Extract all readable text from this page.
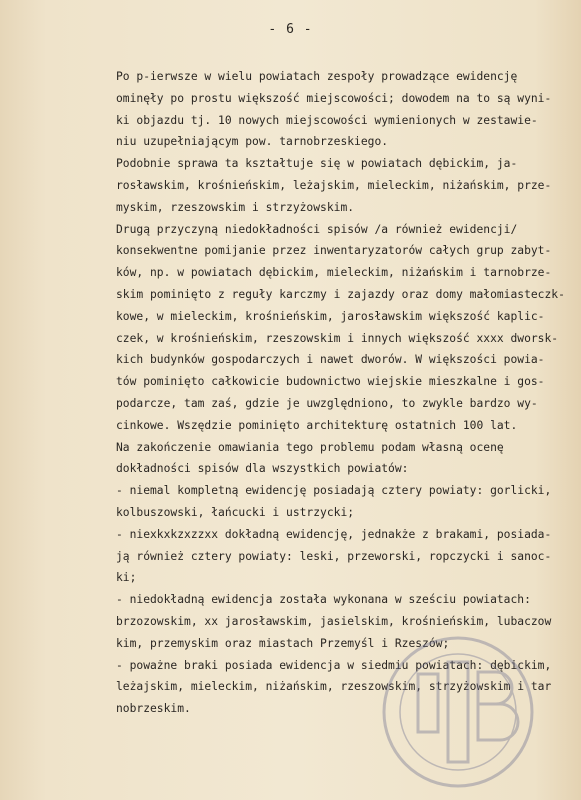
- 6 -
Po p-ierwsze w wielu powiatach zespoły prowadzące ewidencję
ominęły po prostu większość miejscowości; dowodem na to są wyni-
ki objazdu tj. 10 nowych miejscowości wymienionych w zestawie-
niu uzupełniającym pow. tarnobrzeskiego.
Podobnie sprawa ta kształtuje się w powiatach dębickim, ja-
rosławskim, krośnieńskim, leżajskim, mieleckim, niżańskim, prze-
myskim, rzeszowskim i strzyżowskim.
Drugą przyczyną niedokładności spisów /a również ewidencji/
konsekwentne pomijanie przez inwentaryzatorów całych grup zabyt-
ków, np. w powiatach dębickim, mieleckim, niżańskim i tarnobrze-
skim pominięto z reguły karczmy i zajazdy oraz domy małomiasteczk-
kowe, w mieleckim, krośnieńskim, jarosławskim większość kaplic-
czek, w krośnieńskim, rzeszowskim i innych większość xxxx dworsk-
kich budynków gospodarczych i nawet dworów. W większości powia-
tów pominięto całkowicie budownictwo wiejskie mieszkalne i gos-
podarcze, tam zaś, gdzie je uwzględniono, to zwykle bardzo wy-
cinkowe. Wszędzie pominięto architekturę ostatnich 100 lat.
Na zakończenie omawiania tego problemu podam własną ocenę
dokładności spisów dla wszystkich powiatów:
- niemal kompletną ewidencję posiadają cztery powiaty: gorlicki,
kolbuszowski, łańcucki i ustrzycki;
- niexkxkzxzzxx dokładną ewidencję, jednakże z brakami, posiada-
ją również cztery powiaty: leski, przeworski, ropczycki i sanoc-
ki;
- niedokładną ewidencja została wykonana w sześciu powiatach:
brzozowskim, xx jarosławskim, jasielskim, krośnieńskim, lubaczow
kim, przemyskim oraz miastach Przemyśl i Rzeszów;
- poważne braki posiada ewidencja w siedmiu powiatach: dębickim,
leżajskim, mieleckim, niżańskim, rzeszowskim, strzyżowskim i tar
nobrzeskim.
